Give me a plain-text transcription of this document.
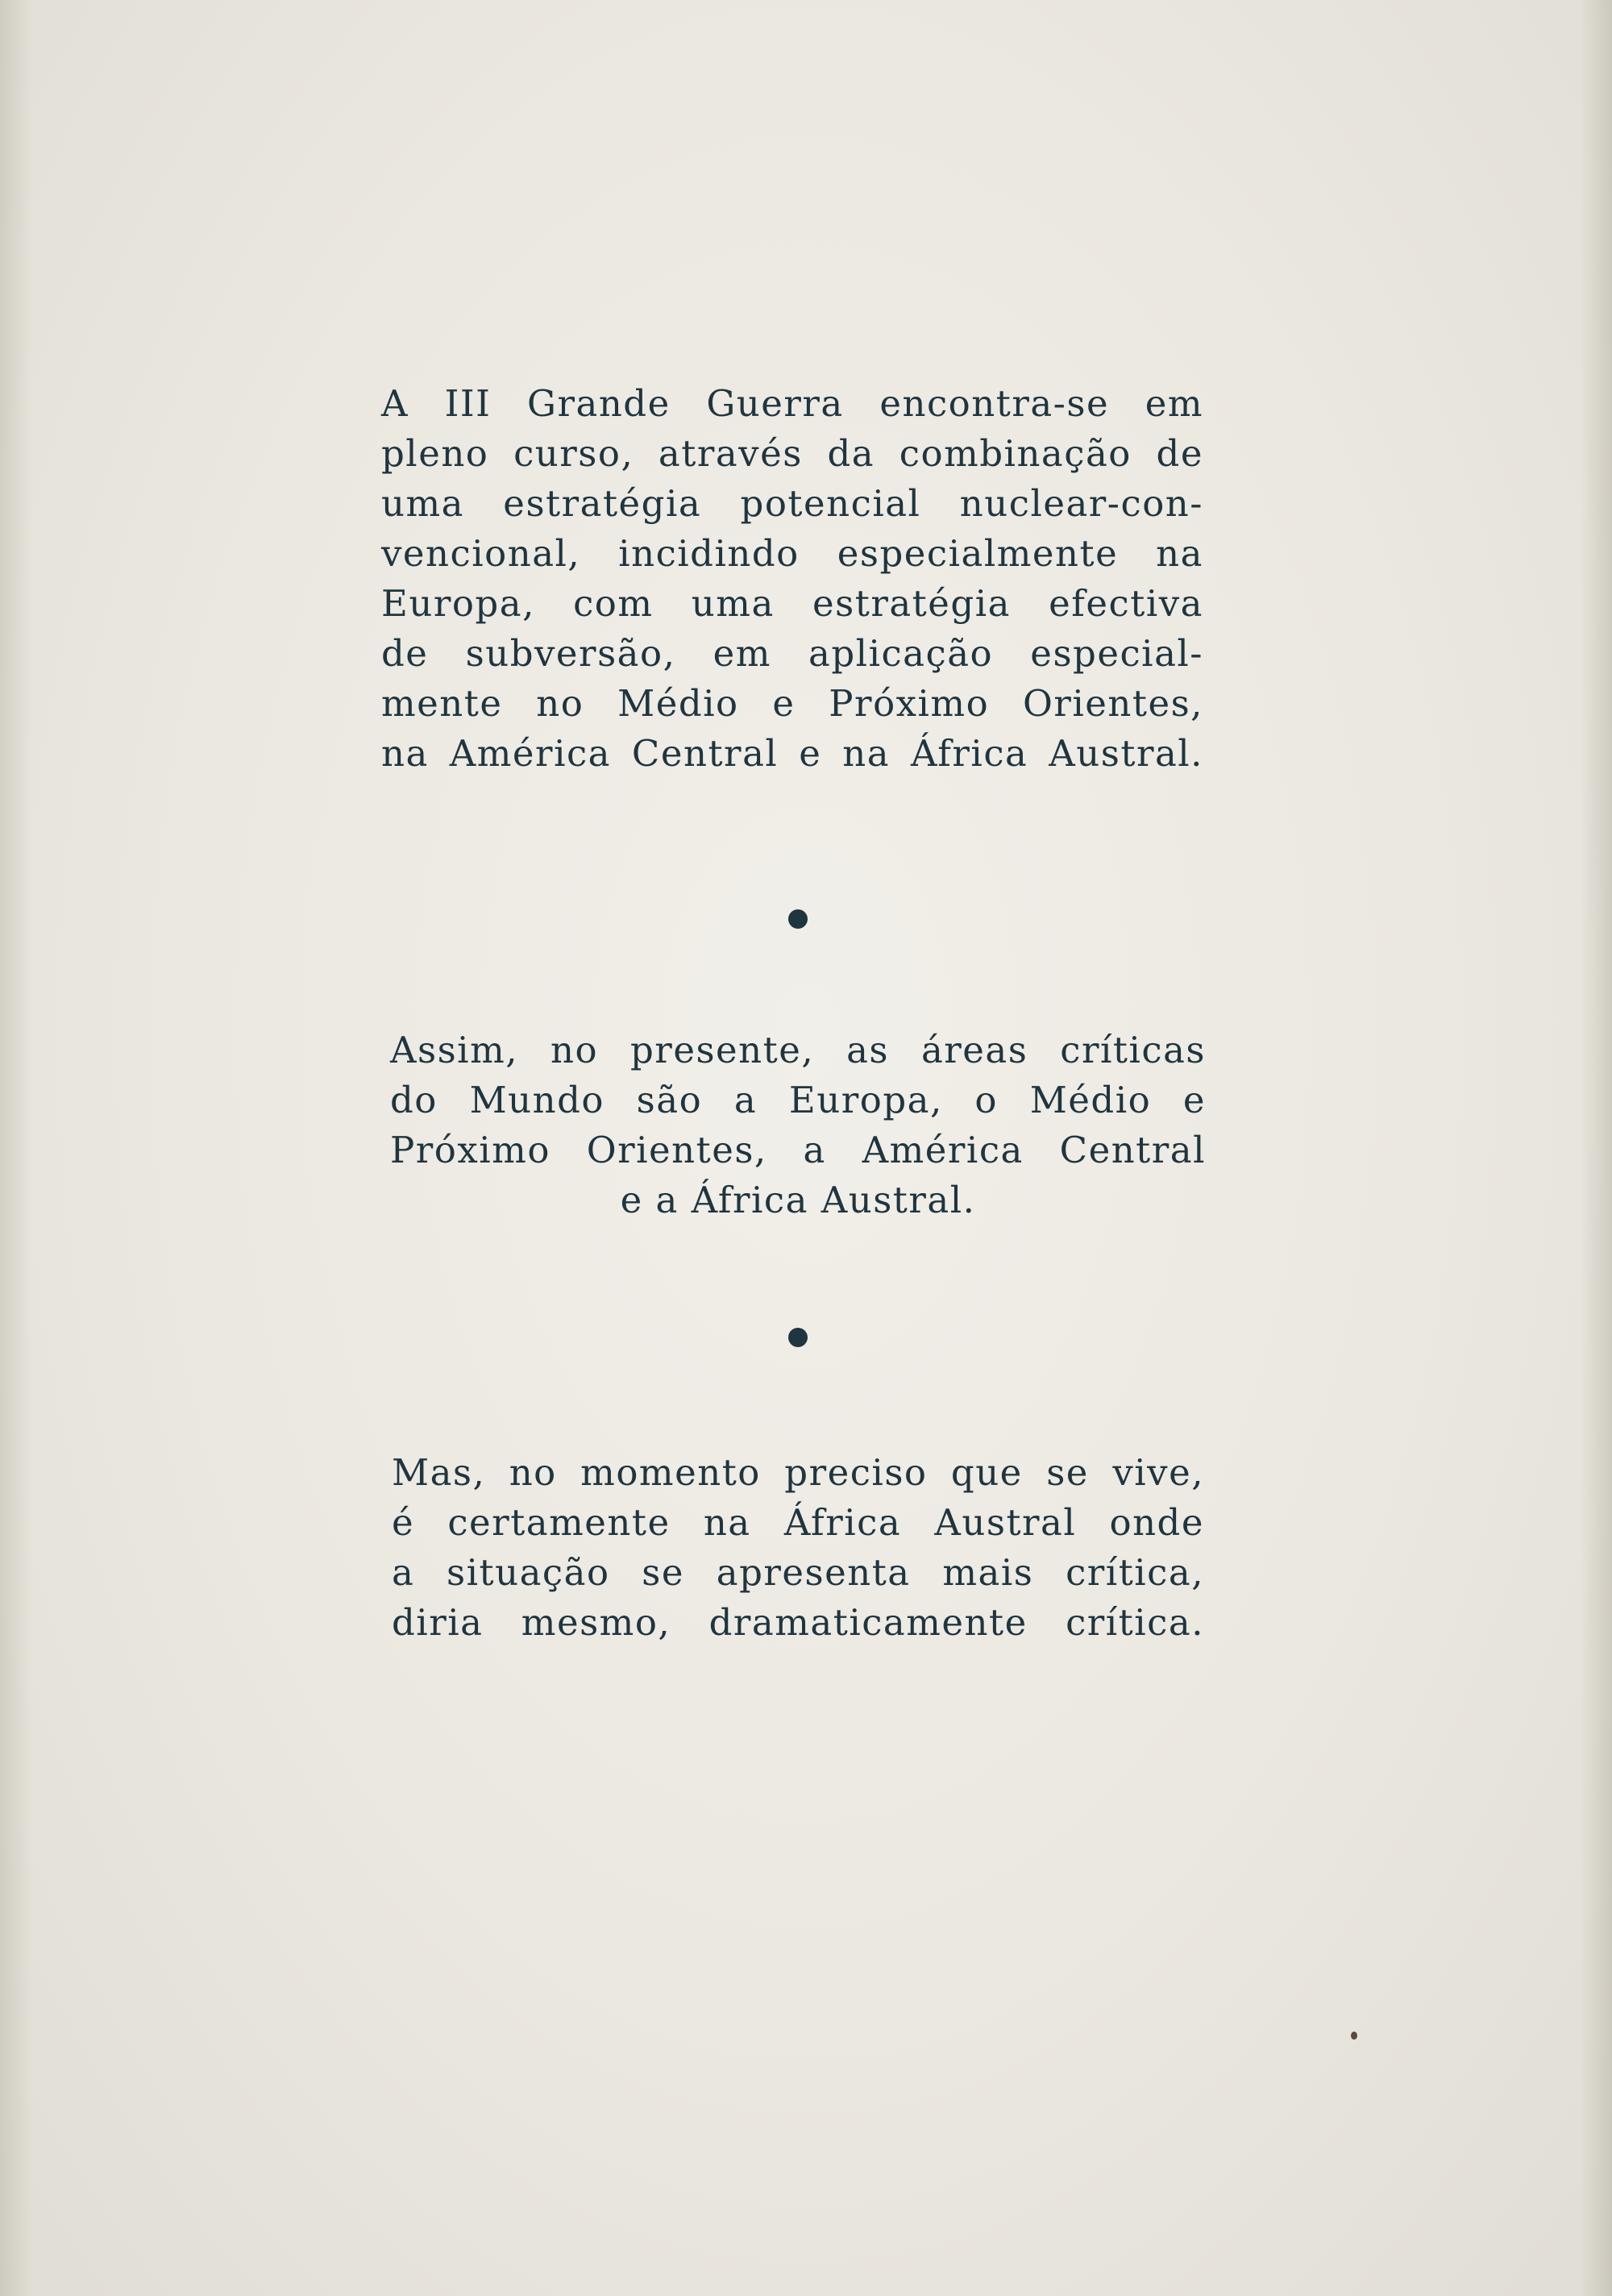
A III Grande Guerra encontra-se em
pleno curso, através da combinação de
uma estratégia potencial nuclear-con-
vencional, incidindo especialmente na
Europa, com uma estratégia efectiva
de subversão, em aplicação especial-
mente no Médio e Próximo Orientes,
na América Central e na África Austral.
Assim, no presente, as áreas críticas
do Mundo são a Europa, o Médio e
Próximo Orientes, a América Central
e a África Austral.
Mas, no momento preciso que se vive,
é certamente na África Austral onde
a situação se apresenta mais crítica,
diria mesmo, dramaticamente crítica.
